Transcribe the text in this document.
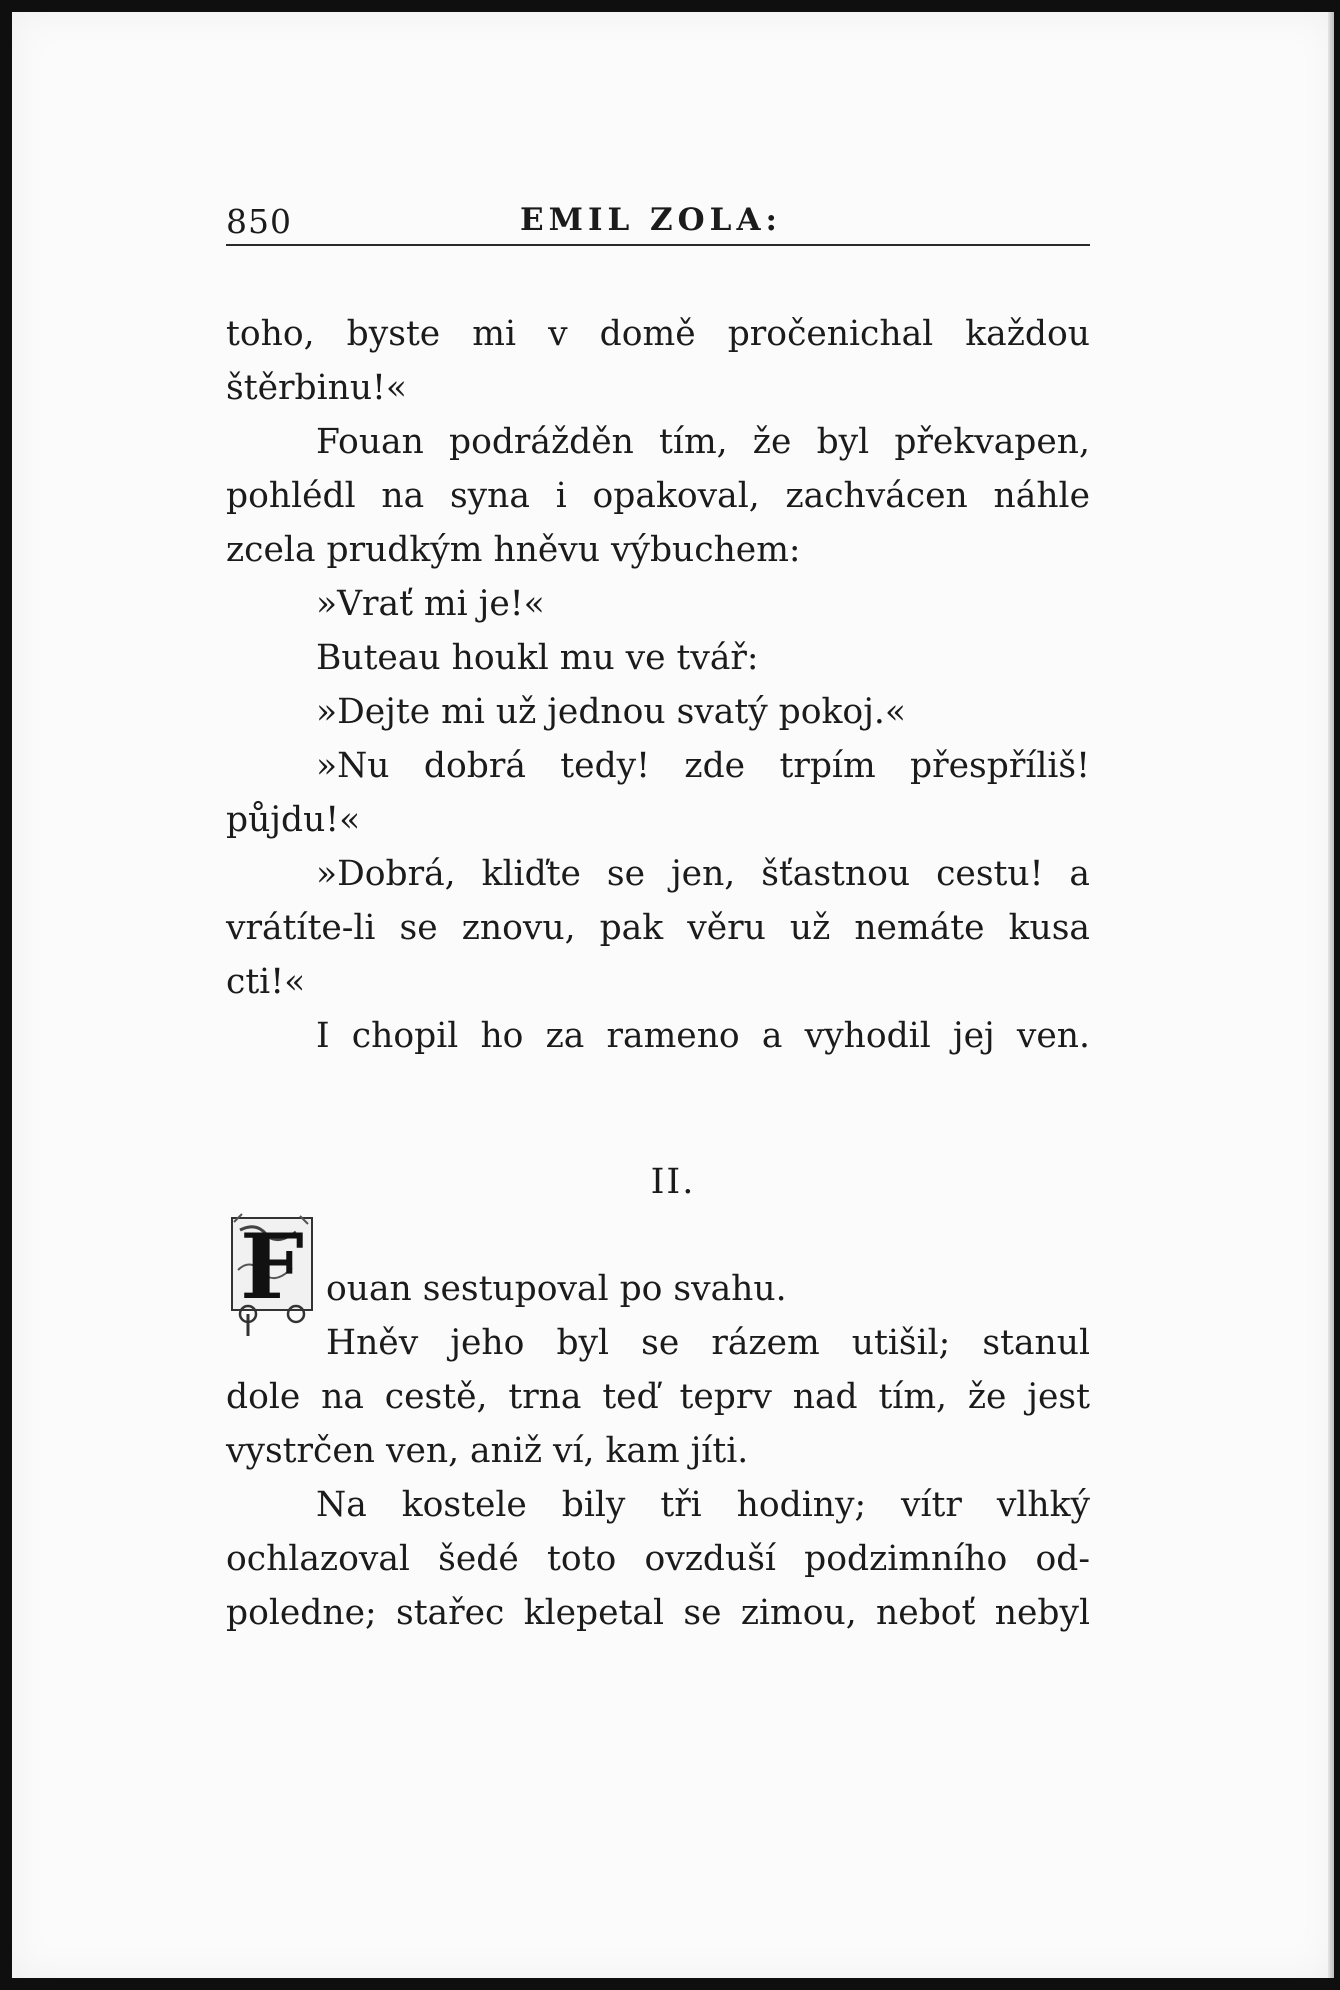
850	EMIL ZOLA:
toho, byste mi v domě pročenichal každou
štěrbinu!«
Fouan podrážděn tím, že byl překvapen,
pohlédl na syna i opakoval, zachvácen náhle
zcela prudkým hněvu výbuchem:
»Vrať mi je!«
Buteau houkl mu ve tvář:
»Dejte mi už jednou svatý pokoj.«
»Nu dobrá tedy! zde trpím přespříliš!
půjdu!«
»Dobrá, kliďte se jen, šťastnou cestu! a
vrátíte-li se znovu, pak věru už nemáte kusa
cti!«
I chopil ho za rameno a vyhodil jej ven.
II.
F ouan sestupoval po svahu.
Hněv jeho byl se rázem utišil; stanul
dole na cestě, trna teď teprv nad tím, že jest
vystrčen ven, aniž ví, kam jíti.
Na kostele bily tři hodiny; vítr vlhký
ochlazoval šedé toto ovzduší podzimního od-
poledne; stařec klepetal se zimou, neboť nebyl
